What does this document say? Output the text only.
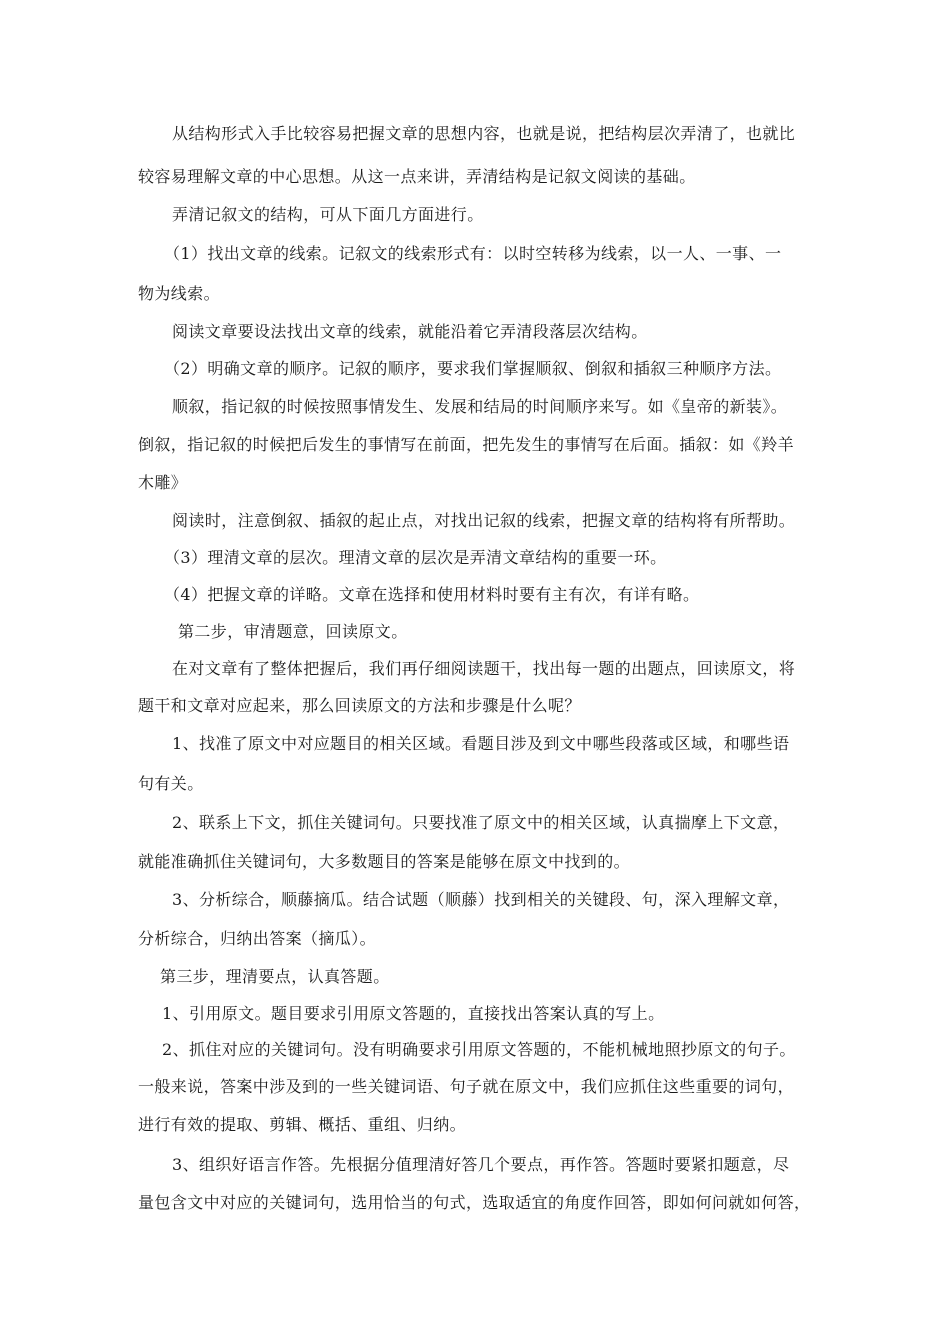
从结构形式入手比较容易把握文章的思想内容，也就是说，把结构层次弄清了，也就比
较容易理解文章的中心思想。从这一点来讲，弄清结构是记叙文阅读的基础。
弄清记叙文的结构，可从下面几方面进行。
（1）找出文章的线索。记叙文的线索形式有：以时空转移为线索，以一人、一事、一
物为线索。
阅读文章要设法找出文章的线索，就能沿着它弄清段落层次结构。
（2）明确文章的顺序。记叙的顺序，要求我们掌握顺叙、倒叙和插叙三种顺序方法。
顺叙，指记叙的时候按照事情发生、发展和结局的时间顺序来写。如《皇帝的新装》。
倒叙，指记叙的时候把后发生的事情写在前面，把先发生的事情写在后面。插叙：如《羚羊
木雕》
阅读时，注意倒叙、插叙的起止点，对找出记叙的线索，把握文章的结构将有所帮助。
（3）理清文章的层次。理清文章的层次是弄清文章结构的重要一环。
（4）把握文章的详略。文章在选择和使用材料时要有主有次，有详有略。
第二步，审清题意，回读原文。
在对文章有了整体把握后，我们再仔细阅读题干，找出每一题的出题点，回读原文，将
题干和文章对应起来，那么回读原文的方法和步骤是什么呢？
1、找准了原文中对应题目的相关区域。看题目涉及到文中哪些段落或区域，和哪些语
句有关。
2、联系上下文，抓住关键词句。只要找准了原文中的相关区域，认真揣摩上下文意，
就能准确抓住关键词句，大多数题目的答案是能够在原文中找到的。
3、分析综合，顺藤摘瓜。结合试题（顺藤）找到相关的关键段、句，深入理解文章，
分析综合，归纳出答案（摘瓜）。
第三步，理清要点，认真答题。
1、引用原文。题目要求引用原文答题的，直接找出答案认真的写上。
2、抓住对应的关键词句。没有明确要求引用原文答题的，不能机械地照抄原文的句子。
一般来说，答案中涉及到的一些关键词语、句子就在原文中，我们应抓住这些重要的词句，
进行有效的提取、剪辑、概括、重组、归纳。
3、组织好语言作答。先根据分值理清好答几个要点，再作答。答题时要紧扣题意，尽
量包含文中对应的关键词句，选用恰当的句式，选取适宜的角度作回答，即如何问就如何答，
